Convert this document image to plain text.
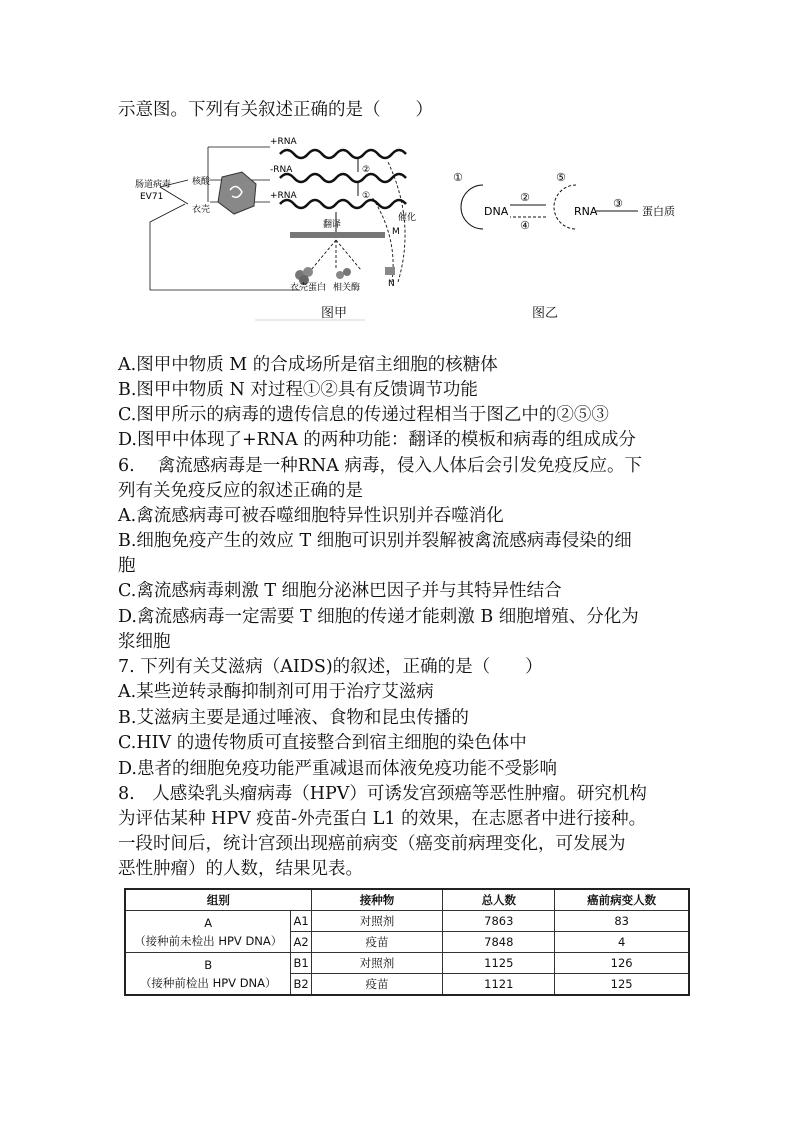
示意图。下列有关叙述正确的是（　　）
+RNA
-RNA
+RNA
肠道病毒
EV71
核酸
衣壳
②
①
翻译
催化
M
衣壳蛋白 相关酶	N
图甲
DNA	RNA	蛋白质
①
②
④
⑤
③
图乙
A.图甲中物质 M 的合成场所是宿主细胞的核糖体
B.图甲中物质 N 对过程①②具有反馈调节功能
C.图甲所示的病毒的遗传信息的传递过程相当于图乙中的②⑤③
D.图甲中体现了+RNA 的两种功能：翻译的模板和病毒的组成成分
6.　 禽流感病毒是一种RNA 病毒，侵入人体后会引发免疫反应。下
列有关免疫反应的叙述正确的是
A.禽流感病毒可被吞噬细胞特异性识别并吞噬消化
B.细胞免疫产生的效应 T 细胞可识别并裂解被禽流感病毒侵染的细
胞
C.禽流感病毒刺激 T 细胞分泌淋巴因子并与其特异性结合
D.禽流感病毒一定需要 T 细胞的传递才能刺激 B 细胞增殖、分化为
浆细胞
7. 下列有关艾滋病（AIDS)的叙述，正确的是（　　）
A.某些逆转录酶抑制剂可用于治疗艾滋病
B.艾滋病主要是通过唾液、食物和昆虫传播的
C.HIV 的遗传物质可直接整合到宿主细胞的染色体中
D.患者的细胞免疫功能严重减退而体液免疫功能不受影响
8.　人感染乳头瘤病毒（HPV）可诱发宫颈癌等恶性肿瘤。研究机构
为评估某种 HPV 疫苗-外壳蛋白 L1 的效果，在志愿者中进行接种。
一段时间后，统计宫颈出现癌前病变（癌变前病理变化，可发展为
恶性肿瘤）的人数，结果见表。
组别		接种物	总人数	癌前病变人数

A
（接种前未检出 HPV DNA）	A1	对照剂	7863	83
	A2	疫苗	7848	4

B
（接种前检出 HPV DNA）	B1	对照剂	1125	126
	B2	疫苗	1121	125
